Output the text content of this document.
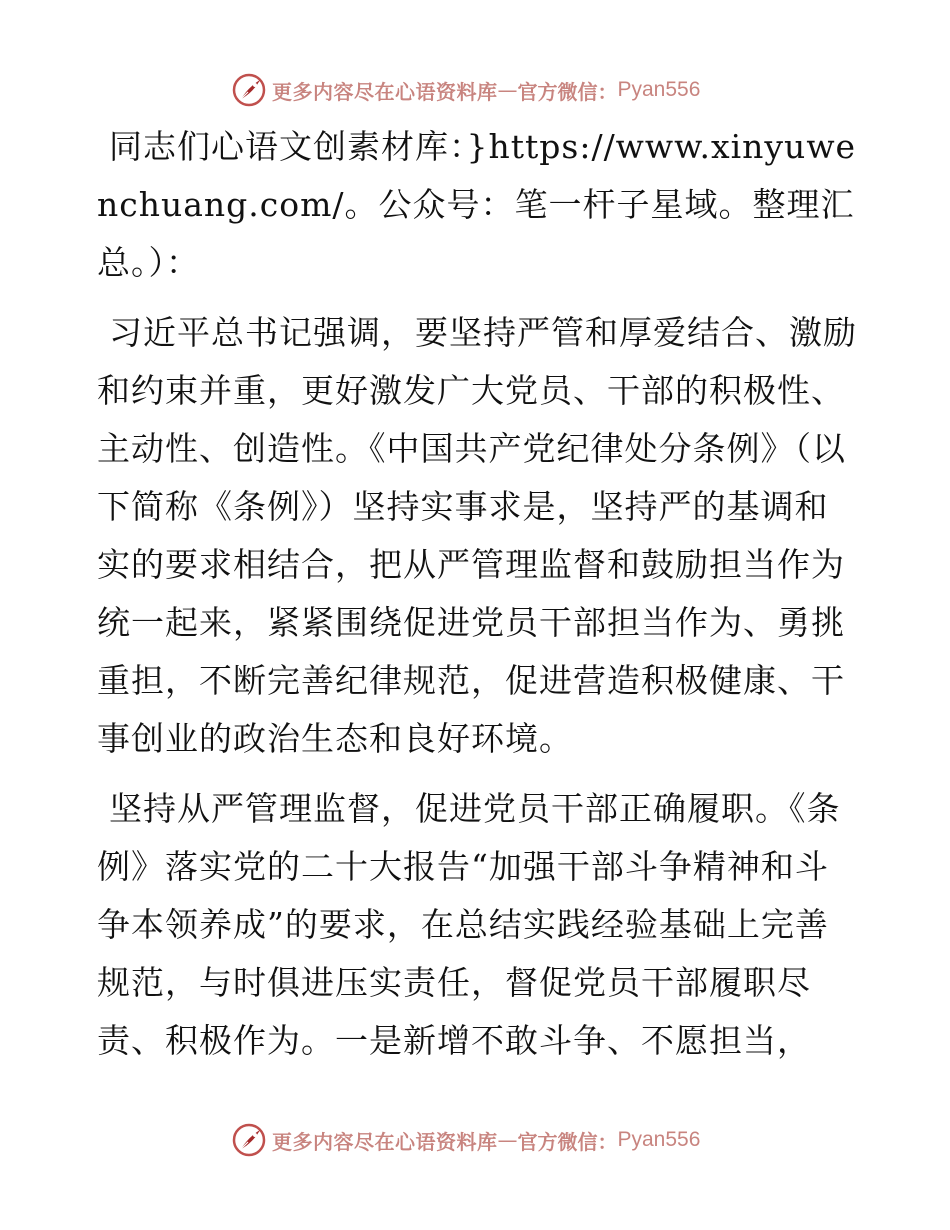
更多内容尽在心语资料库 — 官方微信： Pyan556

同志们心语文创素材库：}https://www.xinyuwenchuang.com/。公众号：笔一杆子星域。整理汇总。）：

习近平总书记强调，要坚持严管和厚爱结合、激励和约束并重，更好激发广大党员、干部的积极性、主动性、创造性。《中国共产党纪律处分条例》（以下简称《条例》）坚持实事求是，坚持严的基调和实的要求相结合，把从严管理监督和鼓励担当作为统一起来，紧紧围绕促进党员干部担当作为、勇挑重担，不断完善纪律规范，促进营造积极健康、干事创业的政治生态和良好环境。

坚持从严管理监督，促进党员干部正确履职。《条例》落实党的二十大报告“加强干部斗争精神和斗争本领养成”的要求，在总结实践经验基础上完善规范，与时俱进压实责任，督促党员干部履职尽责、积极作为。一是新增不敢斗争、不愿担当，

更多内容尽在心语资料库 — 官方微信： Pyan556
